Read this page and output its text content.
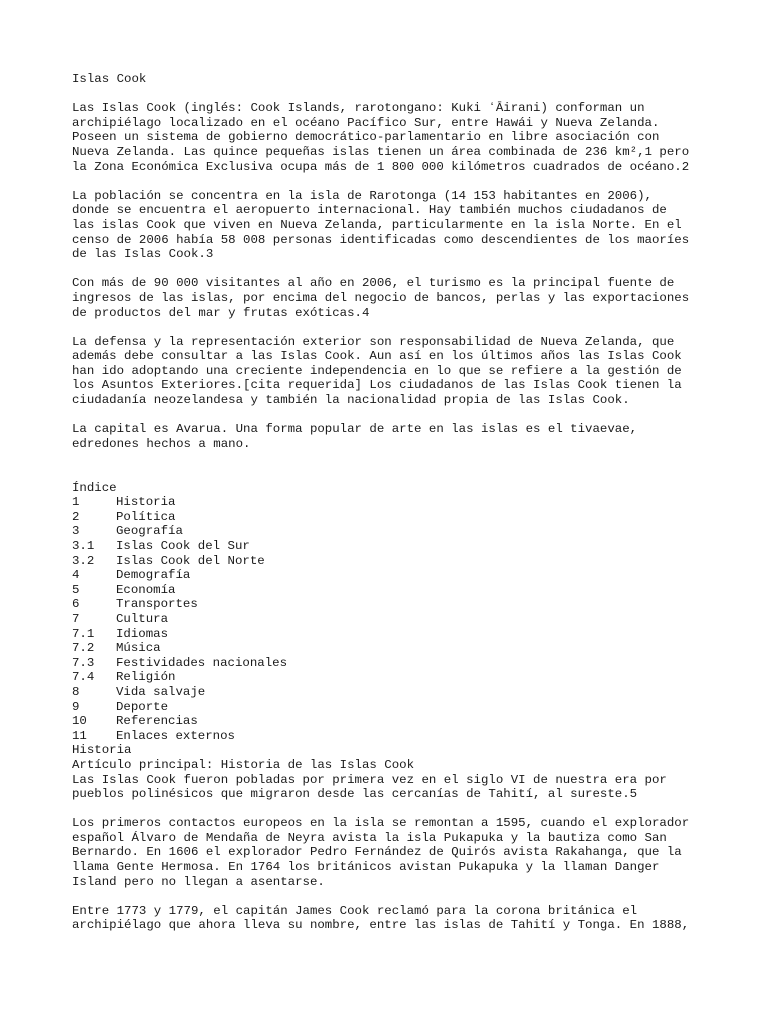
Islas Cook
Las Islas Cook (inglés: Cook Islands, rarotongano: Kuki ʻĀirani) conforman un
archipiélago localizado en el océano Pacífico Sur, entre Hawái y Nueva Zelanda.
Poseen un sistema de gobierno democrático-parlamentario en libre asociación con
Nueva Zelanda. Las quince pequeñas islas tienen un área combinada de 236 km²,1 pero
la Zona Económica Exclusiva ocupa más de 1 800 000 kilómetros cuadrados de océano.2
La población se concentra en la isla de Rarotonga (14 153 habitantes en 2006),
donde se encuentra el aeropuerto internacional. Hay también muchos ciudadanos de
las islas Cook que viven en Nueva Zelanda, particularmente en la isla Norte. En el
censo de 2006 había 58 008 personas identificadas como descendientes de los maoríes
de las Islas Cook.3
Con más de 90 000 visitantes al año en 2006, el turismo es la principal fuente de
ingresos de las islas, por encima del negocio de bancos, perlas y las exportaciones
de productos del mar y frutas exóticas.4
La defensa y la representación exterior son responsabilidad de Nueva Zelanda, que
además debe consultar a las Islas Cook. Aun así en los últimos años las Islas Cook
han ido adoptando una creciente independencia en lo que se refiere a la gestión de
los Asuntos Exteriores.[cita requerida] Los ciudadanos de las Islas Cook tienen la
ciudadanía neozelandesa y también la nacionalidad propia de las Islas Cook.
La capital es Avarua. Una forma popular de arte en las islas es el tivaevae,
edredones hechos a mano.
Índice
1	Historia
2	Política
3	Geografía
3.1	Islas Cook del Sur
3.2	Islas Cook del Norte
4	Demografía
5	Economía
6	Transportes
7	Cultura
7.1	Idiomas
7.2	Música
7.3	Festividades nacionales
7.4	Religión
8	Vida salvaje
9	Deporte
10	Referencias
11	Enlaces externos
Historia
Artículo principal: Historia de las Islas Cook
Las Islas Cook fueron pobladas por primera vez en el siglo VI de nuestra era por
pueblos polinésicos que migraron desde las cercanías de Tahití, al sureste.5
Los primeros contactos europeos en la isla se remontan a 1595, cuando el explorador
español Álvaro de Mendaña de Neyra avista la isla Pukapuka y la bautiza como San
Bernardo. En 1606 el explorador Pedro Fernández de Quirós avista Rakahanga, que la
llama Gente Hermosa. En 1764 los británicos avistan Pukapuka y la llaman Danger
Island pero no llegan a asentarse.
Entre 1773 y 1779, el capitán James Cook reclamó para la corona británica el
archipiélago que ahora lleva su nombre, entre las islas de Tahití y Tonga. En 1888,
